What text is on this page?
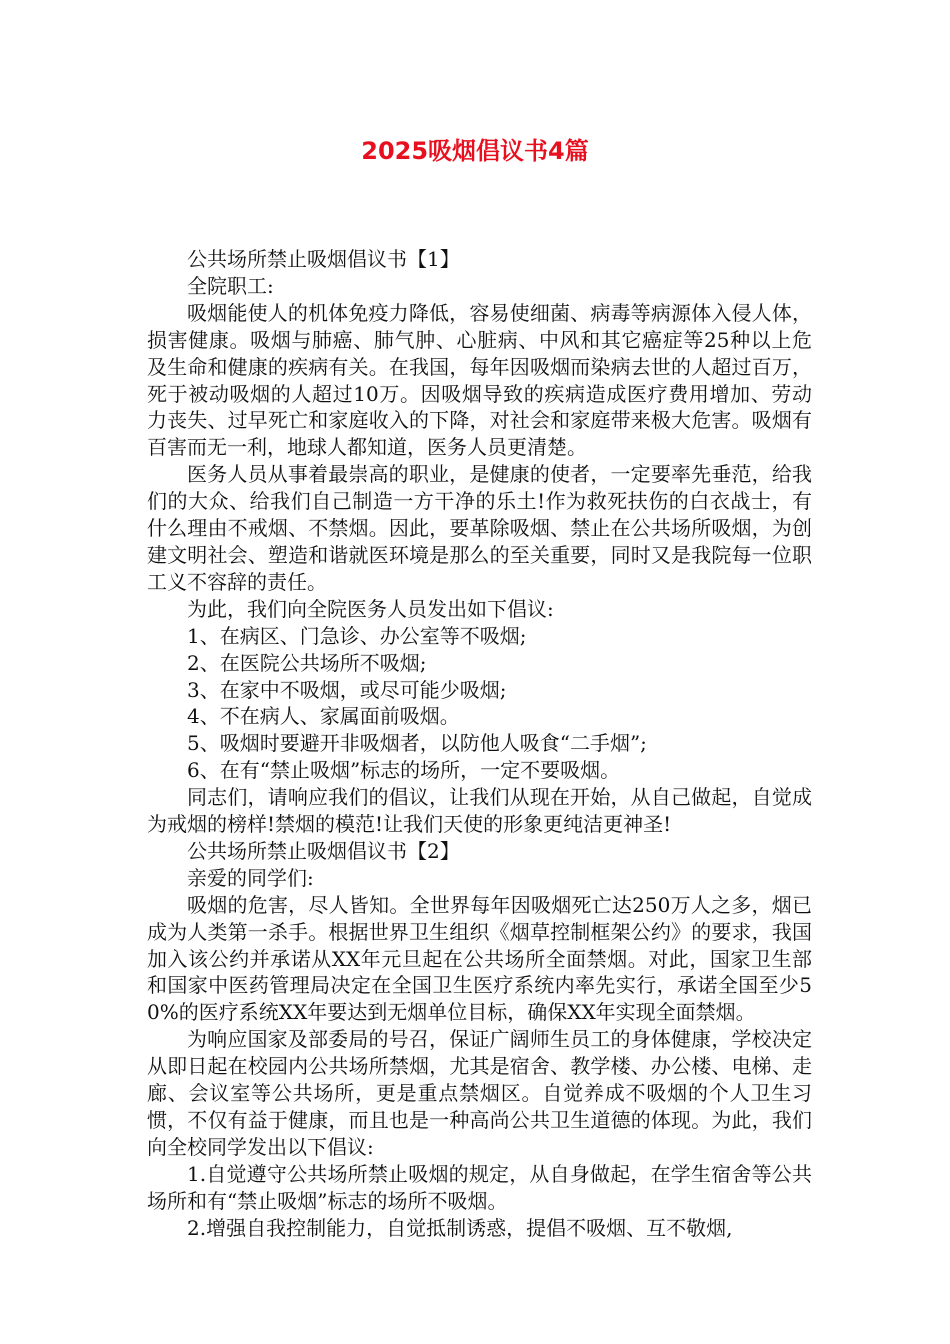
2025吸烟倡议书4篇

公共场所禁止吸烟倡议书【1】

全院职工:

吸烟能使人的机体免疫力降低，容易使细菌、病毒等病源体入侵人体，损害健康。吸烟与肺癌、肺气肿、心脏病、中风和其它癌症等25种以上危及生命和健康的疾病有关。在我国，每年因吸烟而染病去世的人超过百万，死于被动吸烟的人超过10万。因吸烟导致的疾病造成医疗费用增加、劳动力丧失、过早死亡和家庭收入的下降，对社会和家庭带来极大危害。吸烟有百害而无一利，地球人都知道，医务人员更清楚。

医务人员从事着最崇高的职业，是健康的使者，一定要率先垂范，给我们的大众、给我们自己制造一方干净的乐土!作为救死扶伤的白衣战士，有什么理由不戒烟、不禁烟。因此，要革除吸烟、禁止在公共场所吸烟，为创建文明社会、塑造和谐就医环境是那么的至关重要，同时又是我院每一位职工义不容辞的责任。

为此，我们向全院医务人员发出如下倡议:

1、在病区、门急诊、办公室等不吸烟;

2、在医院公共场所不吸烟;

3、在家中不吸烟，或尽可能少吸烟;

4、不在病人、家属面前吸烟。

5、吸烟时要避开非吸烟者，以防他人吸食“二手烟”;

6、在有“禁止吸烟”标志的场所，一定不要吸烟。

同志们，请响应我们的倡议，让我们从现在开始，从自己做起，自觉成为戒烟的榜样!禁烟的模范!让我们天使的形象更纯洁更神圣!

公共场所禁止吸烟倡议书【2】

亲爱的同学们:

吸烟的危害，尽人皆知。全世界每年因吸烟死亡达250万人之多，烟已成为人类第一杀手。根据世界卫生组织《烟草控制框架公约》的要求，我国加入该公约并承诺从XX年元旦起在公共场所全面禁烟。对此，国家卫生部和国家中医药管理局决定在全国卫生医疗系统内率先实行，承诺全国至少50%的医疗系统XX年要达到无烟单位目标，确保XX年实现全面禁烟。

为响应国家及部委局的号召，保证广阔师生员工的身体健康，学校决定从即日起在校园内公共场所禁烟，尤其是宿舍、教学楼、办公楼、电梯、走廊、会议室等公共场所，更是重点禁烟区。自觉养成不吸烟的个人卫生习惯，不仅有益于健康，而且也是一种高尚公共卫生道德的体现。为此，我们向全校同学发出以下倡议:

1.自觉遵守公共场所禁止吸烟的规定，从自身做起，在学生宿舍等公共场所和有“禁止吸烟”标志的场所不吸烟。

2.增强自我控制能力，自觉抵制诱惑，提倡不吸烟、互不敬烟,
